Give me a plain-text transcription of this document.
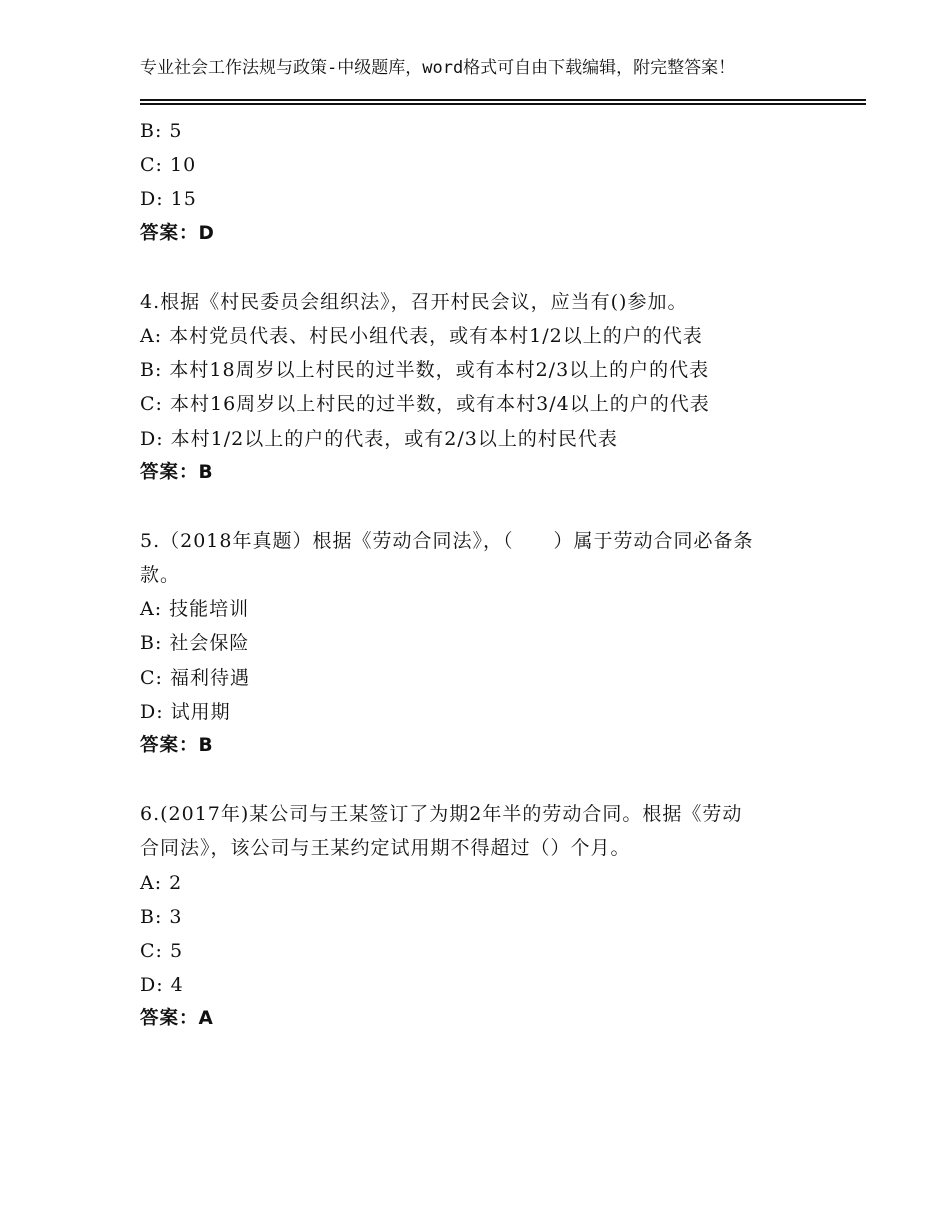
专业社会工作法规与政策-中级题库，word格式可自由下载编辑，附完整答案！
B: 5
C: 10
D: 15
答案：D
4.根据《村民委员会组织法》，召开村民会议，应当有()参加。
A: 本村党员代表、村民小组代表，或有本村1/2以上的户的代表
B: 本村18周岁以上村民的过半数，或有本村2/3以上的户的代表
C: 本村16周岁以上村民的过半数，或有本村3/4以上的户的代表
D: 本村1/2以上的户的代表，或有2/3以上的村民代表
答案：B
5.（2018年真题）根据《劳动合同法》，（　　）属于劳动合同必备条
款。
A: 技能培训
B: 社会保险
C: 福利待遇
D: 试用期
答案：B
6.(2017年)某公司与王某签订了为期2年半的劳动合同。根据《劳动
合同法》，该公司与王某约定试用期不得超过（）个月。
A: 2
B: 3
C: 5
D: 4
答案：A
